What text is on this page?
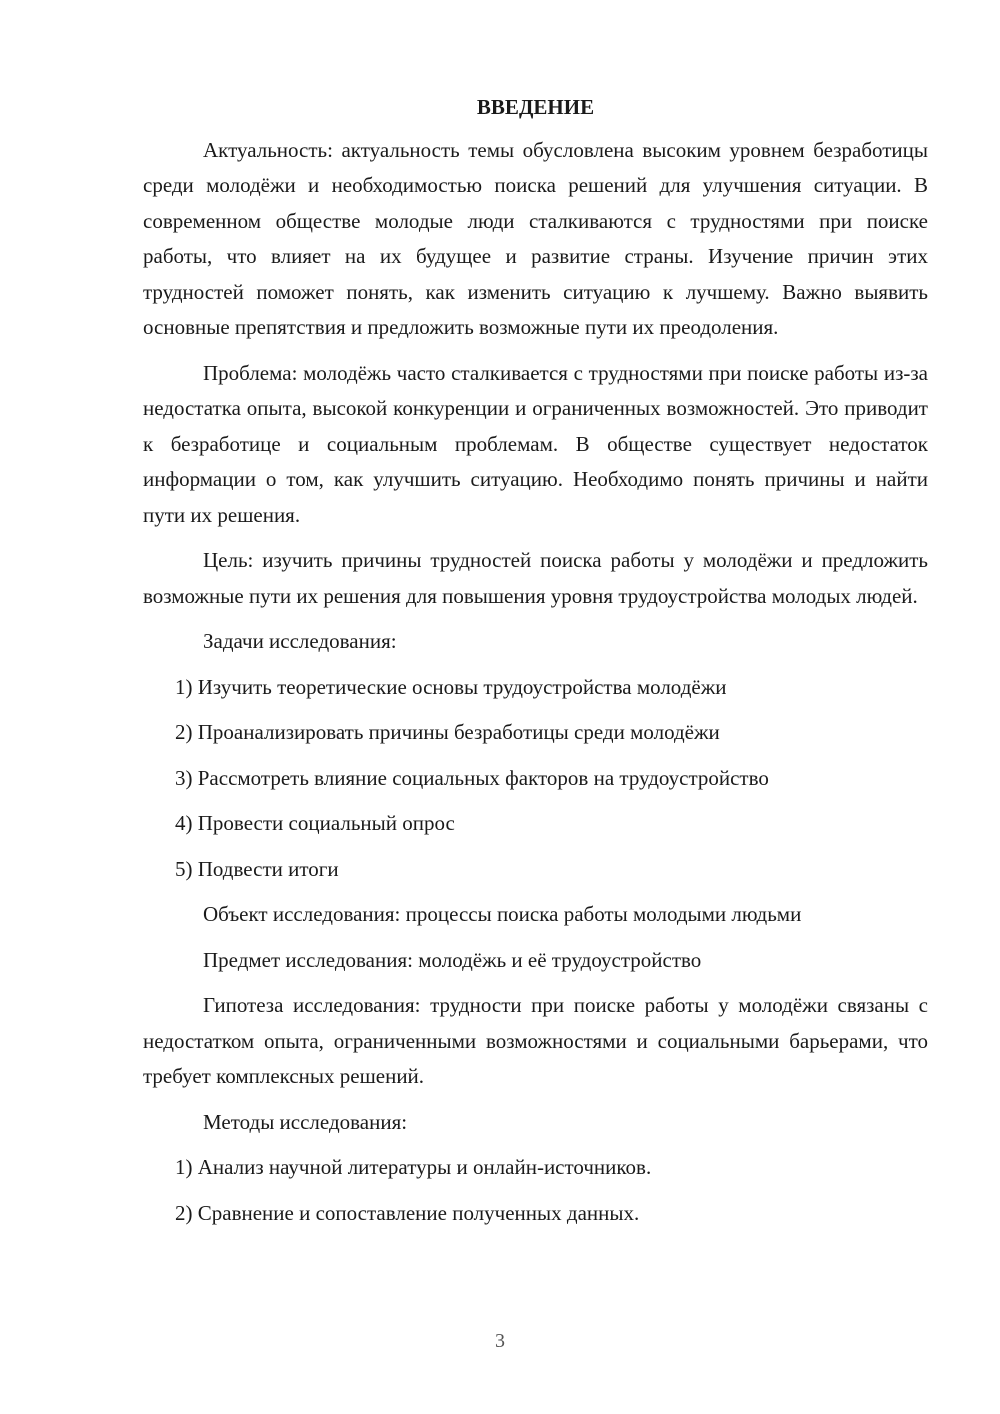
ВВЕДЕНИЕ
Актуальность: актуальность темы обусловлена высоким уровнем безработицы среди молодёжи и необходимостью поиска решений для улучшения ситуации. В современном обществе молодые люди сталкиваются с трудностями при поиске работы, что влияет на их будущее и развитие страны. Изучение причин этих трудностей поможет понять, как изменить ситуацию к лучшему. Важно выявить основные препятствия и предложить возможные пути их преодоления.
Проблема: молодёжь часто сталкивается с трудностями при поиске работы из-за недостатка опыта, высокой конкуренции и ограниченных возможностей. Это приводит к безработице и социальным проблемам. В обществе существует недостаток информации о том, как улучшить ситуацию. Необходимо понять причины и найти пути их решения.
Цель: изучить причины трудностей поиска работы у молодёжи и предложить возможные пути их решения для повышения уровня трудоустройства молодых людей.
Задачи исследования:
1) Изучить теоретические основы трудоустройства молодёжи
2) Проанализировать причины безработицы среди молодёжи
3) Рассмотреть влияние социальных факторов на трудоустройство
4) Провести социальный опрос
5) Подвести итоги
Объект исследования: процессы поиска работы молодыми людьми
Предмет исследования: молодёжь и её трудоустройство
Гипотеза исследования: трудности при поиске работы у молодёжи связаны с недостатком опыта, ограниченными возможностями и социальными барьерами, что требует комплексных решений.
Методы исследования:
1) Анализ научной литературы и онлайн-источников.
2) Сравнение и сопоставление полученных данных.
3
